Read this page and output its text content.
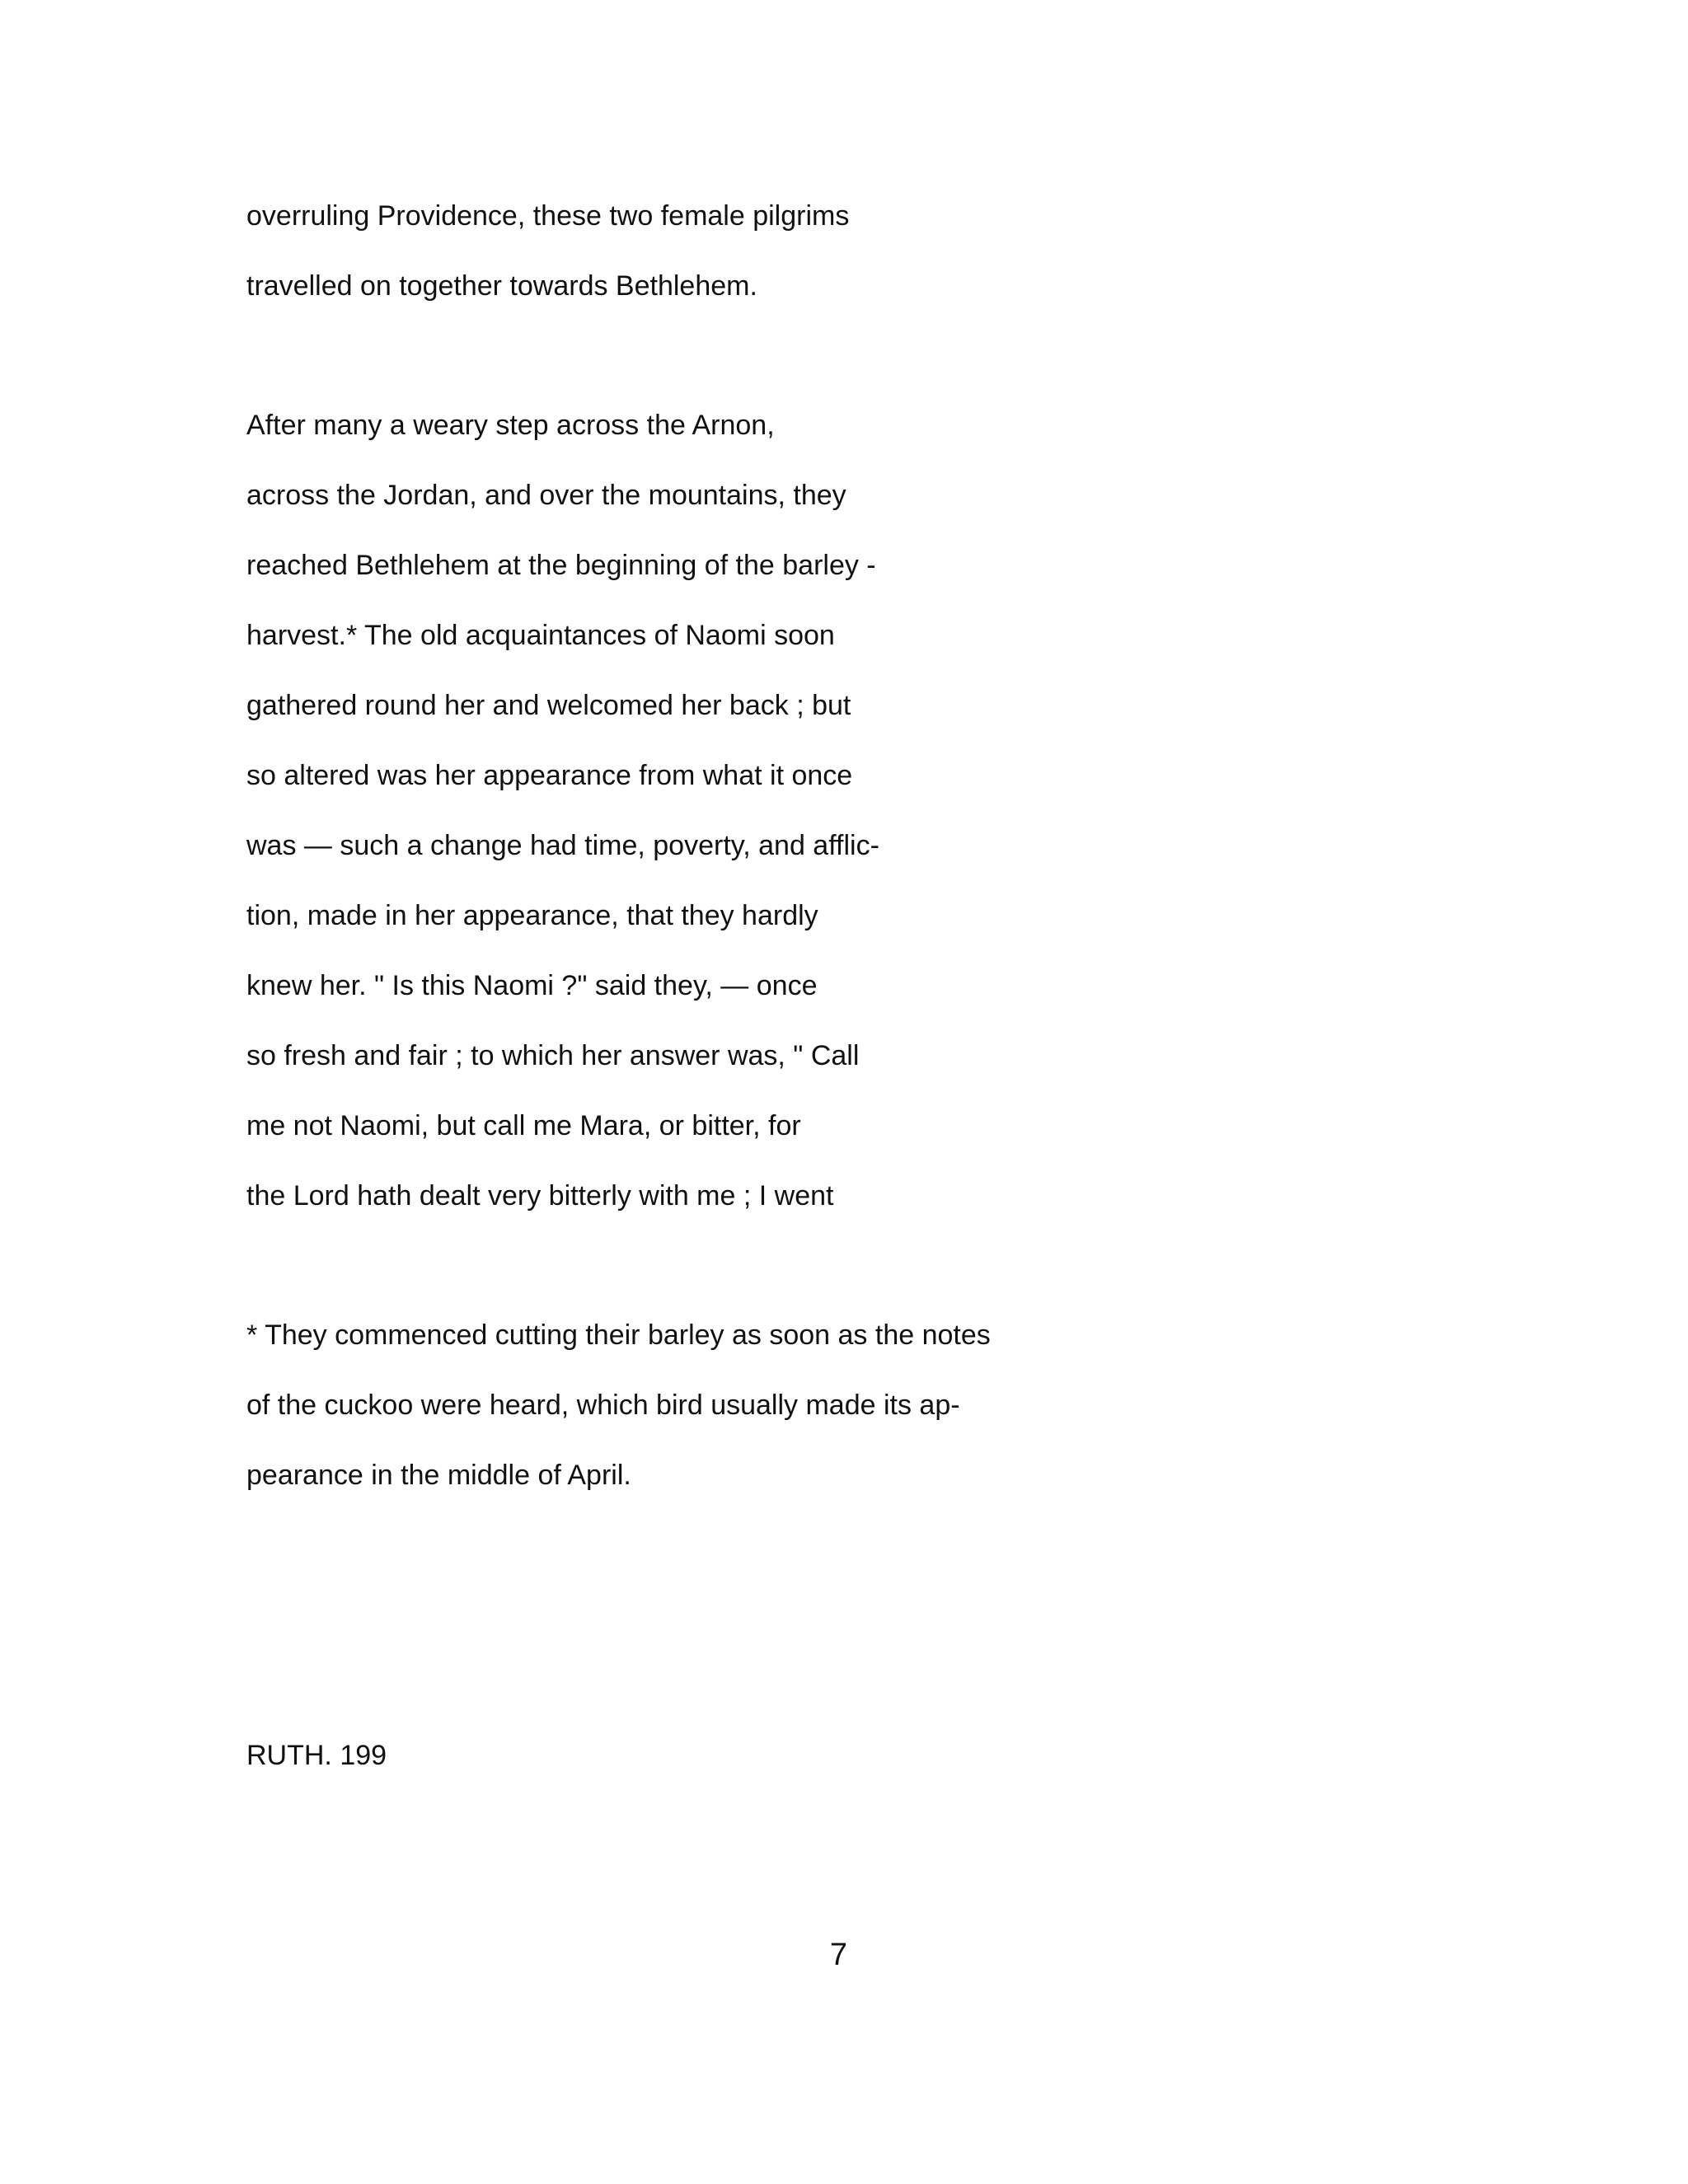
overruling Providence, these two female pilgrims
travelled on together towards Bethlehem.
After many a weary step across the Arnon,
across the Jordan, and over the mountains, they
reached Bethlehem at the beginning of the barley -
harvest.* The old acquaintances of Naomi soon
gathered round her and welcomed her back ; but
so altered was her appearance from what it once
was — such a change had time, poverty, and afflic-
tion, made in her appearance, that they hardly
knew her. " Is this Naomi ?" said they, — once
so fresh and fair ; to which her answer was, " Call
me not Naomi, but call me Mara, or bitter, for
the Lord hath dealt very bitterly with me ; I went
* They commenced cutting their barley as soon as the notes
of the cuckoo were heard, which bird usually made its ap-
pearance in the middle of April.
RUTH. 199
7
